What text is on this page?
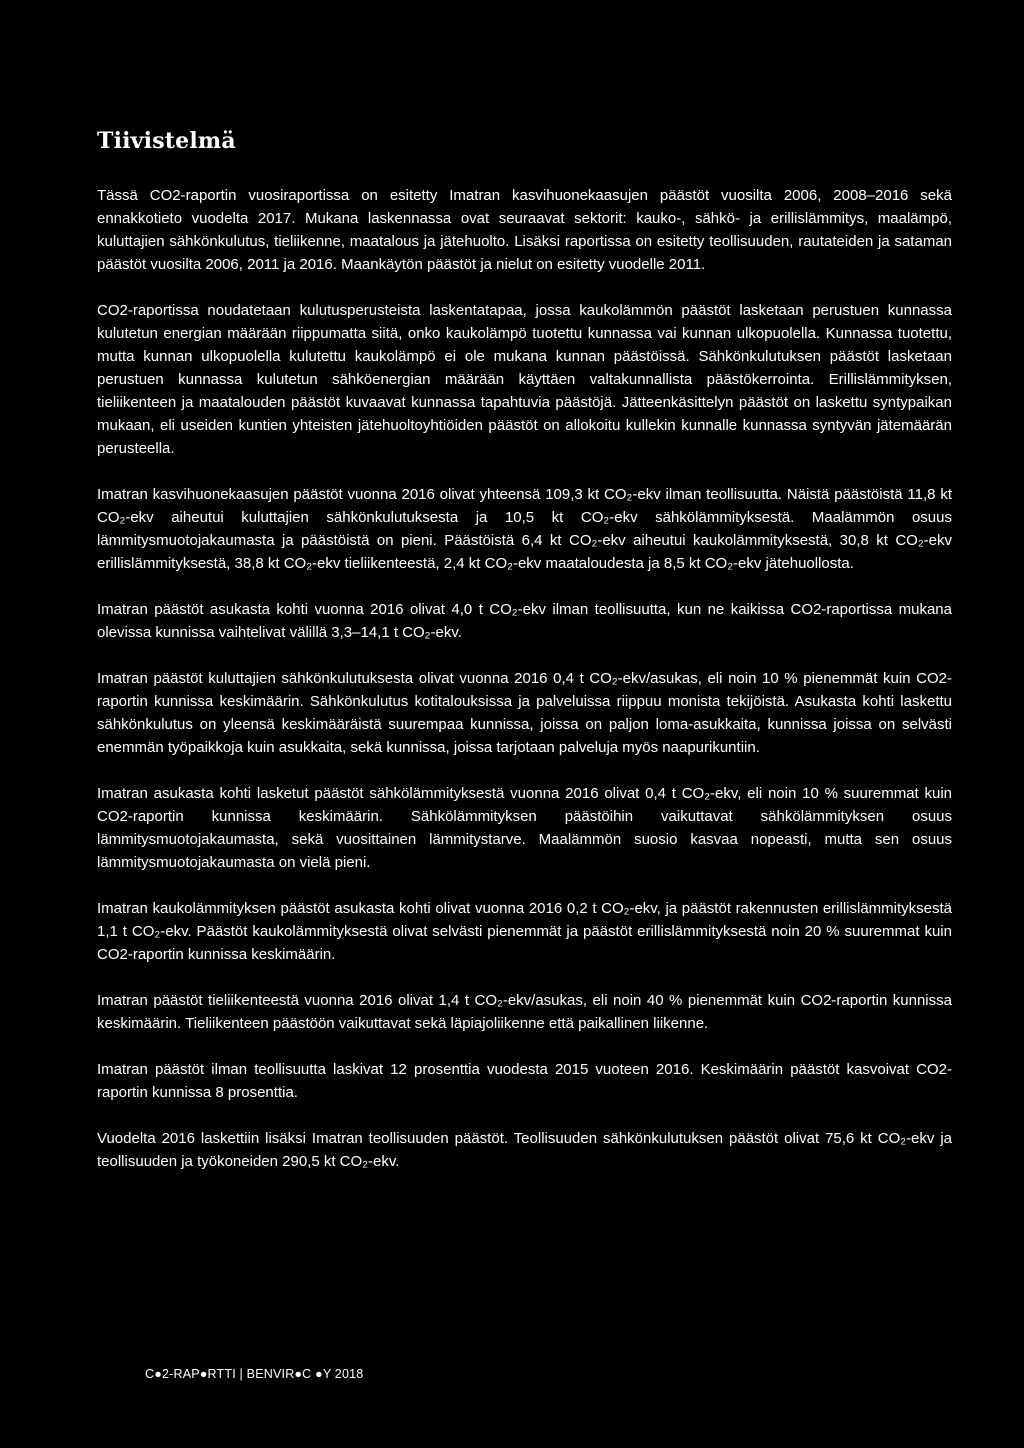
Tiivistelmä

Tässä CO2-raportin vuosiraportissa on esitetty Imatran kasvihuonekaasujen päästöt vuosilta 2006, 2008–2016 sekä ennakkotieto vuodelta 2017. Mukana laskennassa ovat seuraavat sektorit: kauko-, sähkö- ja erillislämmitys, maalämpö, kuluttajien sähkönkulutus, tieliikenne, maatalous ja jätehuolto. Lisäksi raportissa on esitetty teollisuuden, rautateiden ja sataman päästöt vuosilta 2006, 2011 ja 2016. Maankäytön päästöt ja nielut on esitetty vuodelle 2011.

CO2-raportissa noudatetaan kulutusperusteista laskentatapaa, jossa kaukolämmön päästöt lasketaan perustuen kunnassa kulutetun energian määrään riippumatta siitä, onko kaukolämpö tuotettu kunnassa vai kunnan ulkopuolella. Kunnassa tuotettu, mutta kunnan ulkopuolella kulutettu kaukolämpö ei ole mukana kunnan päästöissä. Sähkönkulutuksen päästöt lasketaan perustuen kunnassa kulutetun sähköenergian määrään käyttäen valtakunnallista päästökerrointa. Erillislämmityksen, tieliikenteen ja maatalouden päästöt kuvaavat kunnassa tapahtuvia päästöjä. Jätteenkäsittelyn päästöt on laskettu syntypaikan mukaan, eli useiden kuntien yhteisten jätehuoltoyhtiöiden päästöt on allokoitu kullekin kunnalle kunnassa syntyvän jätemäärän perusteella.

Imatran kasvihuonekaasujen päästöt vuonna 2016 olivat yhteensä 109,3 kt CO₂-ekv ilman teollisuutta. Näistä päästöistä 11,8 kt CO₂-ekv aiheutui kuluttajien sähkönkulutuksesta ja 10,5 kt CO₂-ekv sähkölämmityksestä. Maalämmön osuus lämmitysmuotojakaumasta ja päästöistä on pieni. Päästöistä 6,4 kt CO₂-ekv aiheutui kaukolämmityksestä, 30,8 kt CO₂-ekv erillislämmityksestä, 38,8 kt CO₂-ekv tieliikenteestä, 2,4 kt CO₂-ekv maataloudesta ja 8,5 kt CO₂-ekv jätehuollosta.

Imatran päästöt asukasta kohti vuonna 2016 olivat 4,0 t CO₂-ekv ilman teollisuutta, kun ne kaikissa CO2-raportissa mukana olevissa kunnissa vaihtelivat välillä 3,3–14,1 t CO₂-ekv.

Imatran päästöt kuluttajien sähkönkulutuksesta olivat vuonna 2016 0,4 t CO₂-ekv/asukas, eli noin 10 % pienemmät kuin CO2-raportin kunnissa keskimäärin. Sähkönkulutus kotitalouksissa ja palveluissa riippuu monista tekijöistä. Asukasta kohti laskettu sähkönkulutus on yleensä keskimääräistä suurempaa kunnissa, joissa on paljon loma-asukkaita, kunnissa joissa on selvästi enemmän työpaikkoja kuin asukkaita, sekä kunnissa, joissa tarjotaan palveluja myös naapurikuntiin.

Imatran asukasta kohti lasketut päästöt sähkölämmityksestä vuonna 2016 olivat 0,4 t CO₂-ekv, eli noin 10 % suuremmat kuin CO2-raportin kunnissa keskimäärin. Sähkölämmityksen päästöihin vaikuttavat sähkölämmityksen osuus lämmitysmuotojakaumasta, sekä vuosittainen lämmitystarve. Maalämmön suosio kasvaa nopeasti, mutta sen osuus lämmitysmuotojakaumasta on vielä pieni.

Imatran kaukolämmityksen päästöt asukasta kohti olivat vuonna 2016 0,2 t CO₂-ekv, ja päästöt rakennusten erillislämmityksestä 1,1 t CO₂-ekv. Päästöt kaukolämmityksestä olivat selvästi pienemmät ja päästöt erillislämmityksestä noin 20 % suuremmat kuin CO2-raportin kunnissa keskimäärin.

Imatran päästöt tieliikenteestä vuonna 2016 olivat 1,4 t CO₂-ekv/asukas, eli noin 40 % pienemmät kuin CO2-raportin kunnissa keskimäärin. Tieliikenteen päästöön vaikuttavat sekä läpiajoliikenne että paikallinen liikenne.

Imatran päästöt ilman teollisuutta laskivat 12 prosenttia vuodesta 2015 vuoteen 2016. Keskimäärin päästöt kasvoivat CO2-raportin kunnissa 8 prosenttia.

Vuodelta 2016 laskettiin lisäksi Imatran teollisuuden päästöt. Teollisuuden sähkönkulutuksen päästöt olivat 75,6 kt CO₂-ekv ja teollisuuden ja työkoneiden 290,5 kt CO₂-ekv.

C●2-RAP●RTTI | BENVIR●C ●Y 2018
